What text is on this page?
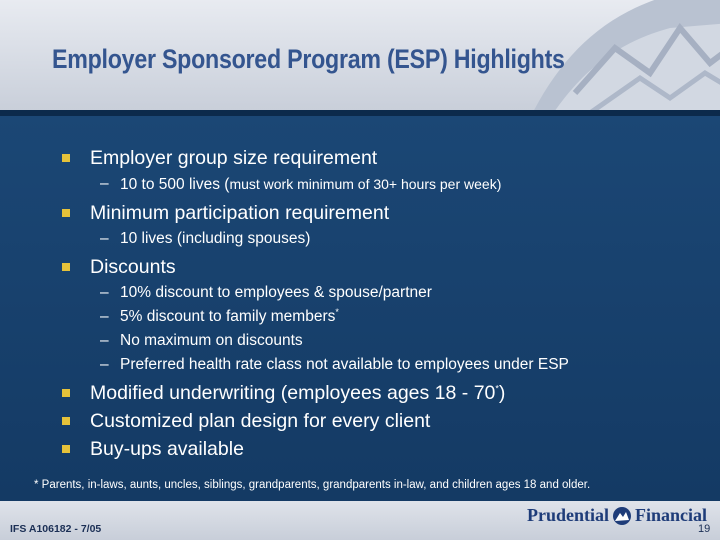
Employer Sponsored Program (ESP) Highlights
Employer group size requirement
– 10 to 500 lives (must work minimum of 30+ hours per week)
Minimum participation requirement
– 10 lives (including spouses)
Discounts
– 10% discount to employees & spouse/partner
– 5% discount to family members*
– No maximum on discounts
– Preferred health rate class not available to employees under ESP
Modified underwriting (employees ages 18 - 70*)
Customized plan design for every client
Buy-ups available

* Parents, in-laws, aunts, uncles, siblings, grandparents, grandparents in-law, and children ages 18 and older.

IFS A106182 - 7/05
Prudential Financial
19
